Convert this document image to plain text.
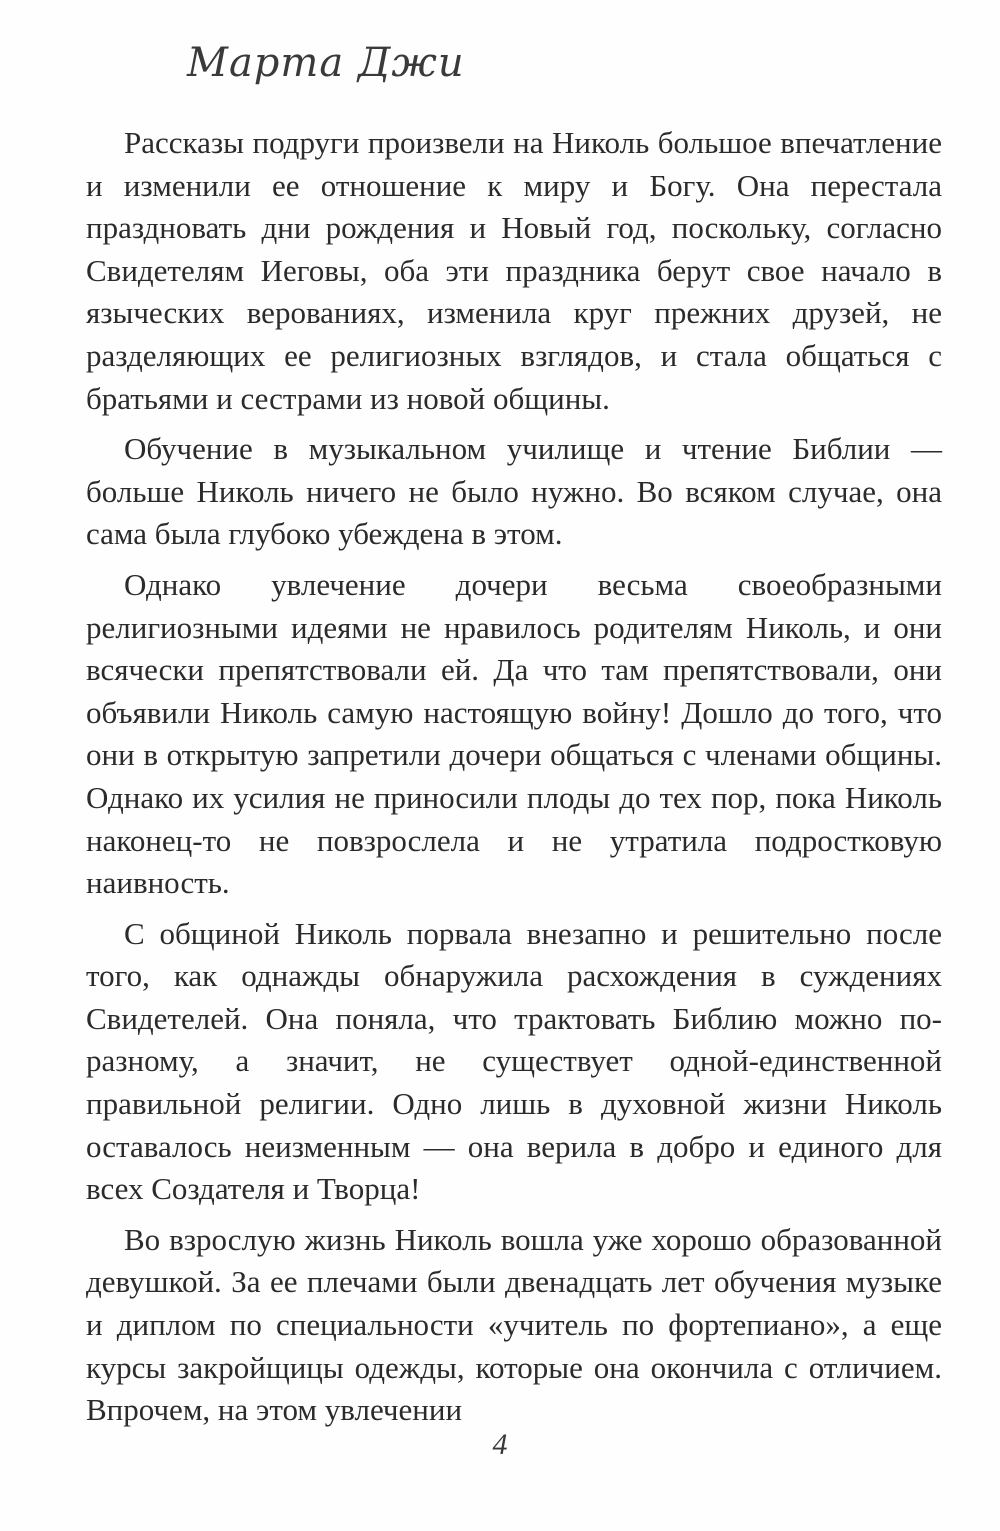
Марта Джи

Рассказы подруги произвели на Николь большое впечатление и изменили ее отношение к миру и Богу. Она перестала праздновать дни рождения и Новый год, поскольку, согласно Свидетелям Иеговы, оба эти праздника берут свое начало в языческих верованиях, изменила круг прежних друзей, не разделяющих ее религиозных взглядов, и стала общаться с братьями и сестрами из новой общины.

Обучение в музыкальном училище и чтение Библии — больше Николь ничего не было нужно. Во всяком случае, она сама была глубоко убеждена в этом.

Однако увлечение дочери весьма своеобразными религиозными идеями не нравилось родителям Николь, и они всячески препятствовали ей. Да что там препятствовали, они объявили Николь самую настоящую войну! Дошло до того, что они в открытую запретили дочери общаться с членами общины. Однако их усилия не приносили плоды до тех пор, пока Николь наконец-то не повзрослела и не утратила подростковую наивность.

С общиной Николь порвала внезапно и решительно после того, как однажды обнаружила расхождения в суждениях Свидетелей. Она поняла, что трактовать Библию можно по-разному, а значит, не существует одной-единственной правильной религии. Одно лишь в духовной жизни Николь оставалось неизменным — она верила в добро и единого для всех Создателя и Творца!

Во взрослую жизнь Николь вошла уже хорошо образованной девушкой. За ее плечами были двенадцать лет обучения музыке и диплом по специальности «учитель по фортепиано», а еще курсы закройщицы одежды, которые она окончила с отличием. Впрочем, на этом увлечении

4
